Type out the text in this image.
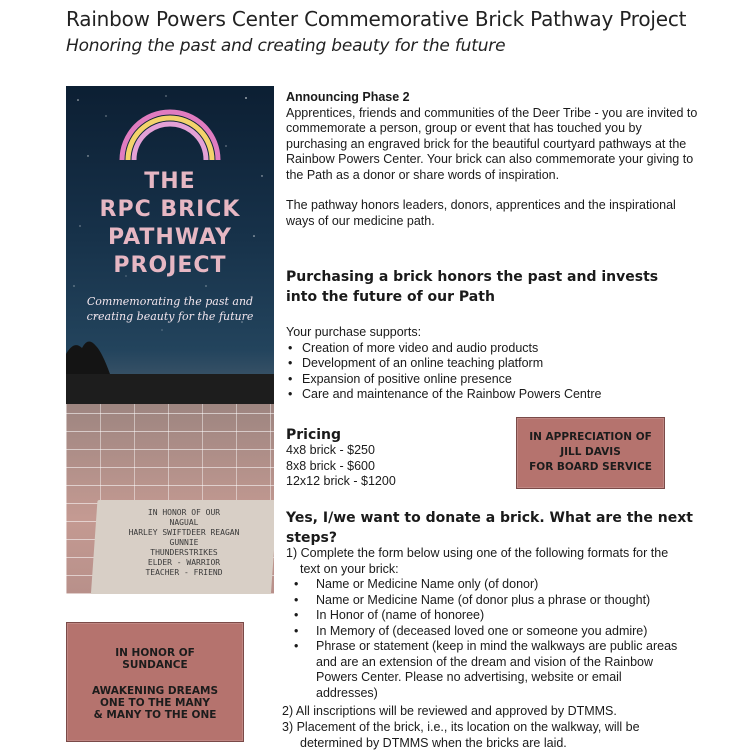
Rainbow Powers Center Commemorative Brick Pathway Project
Honoring the past and creating beauty for the future
THE
RPC BRICK
PATHWAY
PROJECT
Commemorating the past and
creating beauty for the future
IN HONOR OF OUR
NAGUAL
HARLEY SWIFTDEER REAGAN
GUNNIE
THUNDERSTRIKES
ELDER - WARRIOR
TEACHER - FRIEND
Announcing Phase 2
Apprentices, friends and communities of the Deer Tribe - you are invited to commemorate a person, group or event that has touched you by purchasing an engraved brick for the beautiful courtyard pathways at the Rainbow Powers Center. Your brick can also commemorate your giving to the Path as a donor or share words of inspiration.
The pathway honors leaders, donors, apprentices and the inspirational ways of our medicine path.
Purchasing a brick honors the past and invests into the future of our Path
Your purchase supports:
• Creation of more video and audio products
• Development of an online teaching platform
• Expansion of positive online presence
• Care and maintenance of the Rainbow Powers Centre
Pricing
4x8 brick - $250
8x8 brick - $600
12x12 brick - $1200
IN APPRECIATION OF
JILL DAVIS
FOR BOARD SERVICE
Yes, I/we want to donate a brick. What are the next steps?
1) Complete the form below using one of the following formats for the text on your brick:
• Name or Medicine Name only (of donor)
• Name or Medicine Name (of donor plus a phrase or thought)
• In Honor of (name of honoree)
• In Memory of (deceased loved one or someone you admire)
• Phrase or statement (keep in mind the walkways are public areas and are an extension of the dream and vision of the Rainbow Powers Center. Please no advertising, website or email addresses)
2) All inscriptions will be reviewed and approved by DTMMS.
3) Placement of the brick, i.e., its location on the walkway, will be determined by DTMMS when the bricks are laid.
IN HONOR OF
SUNDANCE
AWAKENING DREAMS
ONE TO THE MANY
& MANY TO THE ONE
